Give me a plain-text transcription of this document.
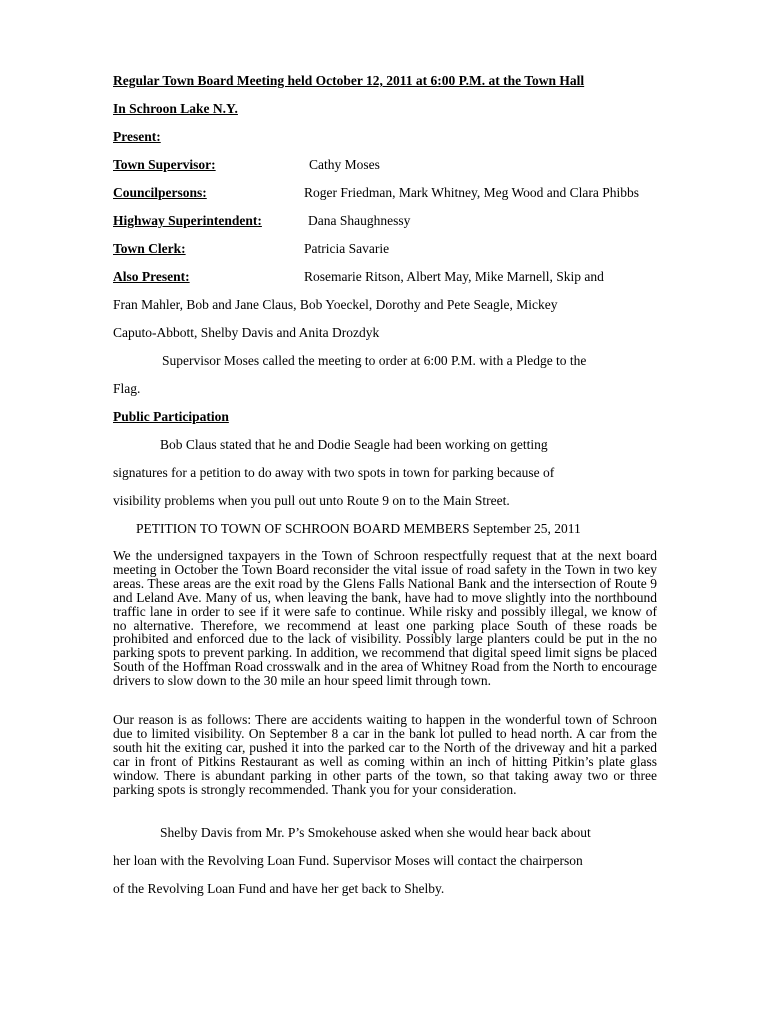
Regular Town Board Meeting held October 12, 2011 at 6:00 P.M. at the Town Hall
In Schroon Lake N.Y.
Present:
Town Supervisor:	Cathy Moses
Councilpersons:	Roger Friedman, Mark Whitney, Meg Wood and Clara Phibbs
Highway Superintendent:	Dana Shaughnessy
Town Clerk:	Patricia Savarie
Also Present:	Rosemarie Ritson, Albert May, Mike Marnell, Skip and
Fran Mahler, Bob and Jane Claus, Bob Yoeckel, Dorothy and Pete Seagle, Mickey
Caputo-Abbott, Shelby Davis and Anita Drozdyk
Supervisor Moses called the meeting to order at 6:00 P.M. with a Pledge to the
Flag.
Public Participation
Bob Claus stated that he and Dodie Seagle had been working on getting
signatures for a petition to do away with two spots in town for parking because of
visibility problems when you pull out unto Route 9 on to the Main Street.
PETITION TO TOWN OF SCHROON BOARD MEMBERS September 25, 2011
We the undersigned taxpayers in the Town of Schroon respectfully request that at the next board meeting in October the Town Board reconsider the vital issue of road safety in the Town in two key areas. These areas are the exit road by the Glens Falls National Bank and the intersection of Route 9 and Leland Ave. Many of us, when leaving the bank, have had to move slightly into the northbound traffic lane in order to see if it were safe to continue. While risky and possibly illegal, we know of no alternative. Therefore, we recommend at least one parking place South of these roads be prohibited and enforced due to the lack of visibility. Possibly large planters could be put in the no parking spots to prevent parking. In addition, we recommend that digital speed limit signs be placed South of the Hoffman Road crosswalk and in the area of Whitney Road from the North to encourage drivers to slow down to the 30 mile an hour speed limit through town.
Our reason is as follows: There are accidents waiting to happen in the wonderful town of Schroon due to limited visibility. On September 8 a car in the bank lot pulled to head north. A car from the south hit the exiting car, pushed it into the parked car to the North of the driveway and hit a parked car in front of Pitkins Restaurant as well as coming within an inch of hitting Pitkin’s plate glass window. There is abundant parking in other parts of the town, so that taking away two or three parking spots is strongly recommended. Thank you for your consideration.
Shelby Davis from Mr. P’s Smokehouse asked when she would hear back about
her loan with the Revolving Loan Fund. Supervisor Moses will contact the chairperson
of the Revolving Loan Fund and have her get back to Shelby.
